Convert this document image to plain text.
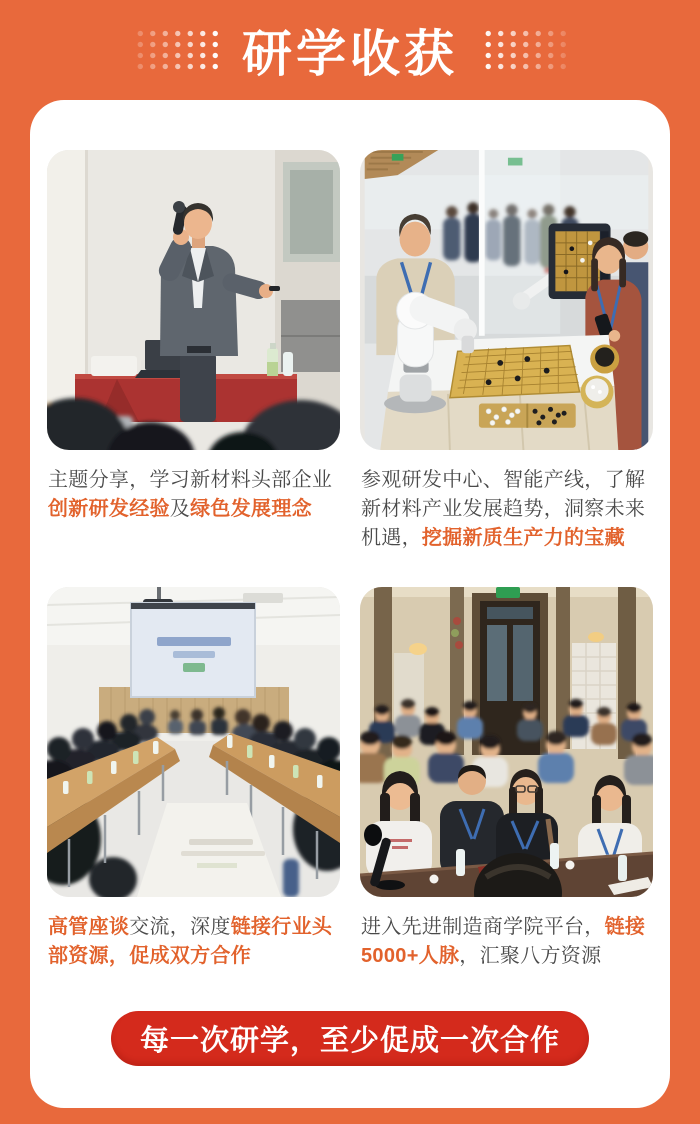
研学收获
主题分享，学习新材料头部企业创新研发经验及绿色发展理念
参观研发中心、智能产线，了解新材料产业发展趋势，洞察未来机遇，挖掘新质生产力的宝藏
高管座谈交流，深度链接行业头部资源，促成双方合作
进入先进制造商学院平台，链接5000+人脉，汇聚八方资源
每一次研学，至少促成一次合作
